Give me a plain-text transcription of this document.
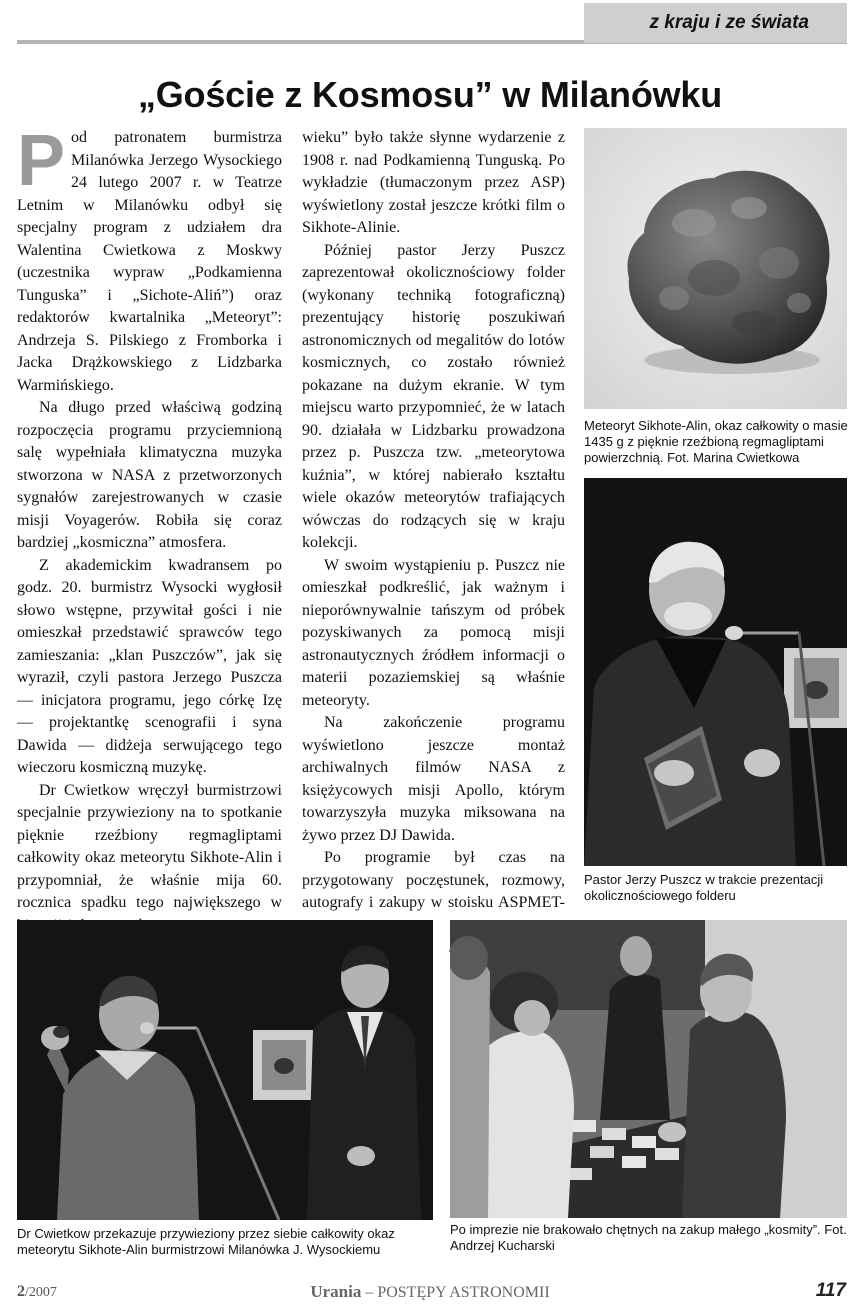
z kraju i ze świata
„Goście z Kosmosu” w Milanówku

Pod patronatem burmistrza Milanówka Jerzego Wysockiego 24 lutego 2007 r. w Teatrze Letnim w Milanówku odbył się specjalny program z udziałem dra Walentina Cwietkowa z Moskwy (uczestnika wypraw „Podkamienna Tunguska” i „Sichote-Aliń”) oraz redaktorów kwartalnika „Meteoryt”: Andrzeja S. Pilskiego z Fromborka i Jacka Drążkowskiego z Lidzbarka Warmińskiego.

Na długo przed właściwą godziną rozpoczęcia programu przyciemnioną salę wypełniała klimatyczna muzyka stworzona w NASA z przetworzonych sygnałów zarejestrowanych w czasie misji Voyagerów. Robiła się coraz bardziej „kosmiczna” atmosfera.

Z akademickim kwadransem po godz. 20. burmistrz Wysocki wygłosił słowo wstępne, przywitał gości i nie omieszkał przedstawić sprawców tego zamieszania: „klan Puszczów”, jak się wyraził, czyli pastora Jerzego Puszcza — inicjatora programu, jego córkę Izę — projektantkę scenografii i syna Dawida — didżeja serwującego tego wieczoru kosmiczną muzykę.

Dr Cwietkow wręczył burmistrzowi specjalnie przywieziony na to spotkanie pięknie rzeźbiony regmagliptami całkowity okaz meteorytu Sikhote-Alin i przypomniał, że właśnie mija 60. rocznica spadku tego największego w

wieku” było także słynne wydarzenie z 1908 r. nad Podkamienną Tunguską. Po wykładzie (tłumaczonym przez ASP) wyświetlony został jeszcze krótki film o Sikhote-Alinie.

Później pastor Jerzy Puszcz zaprezentował okolicznościowy folder (wykonany techniką fotograficzną) prezentujący historię poszukiwań astronomicznych od megalitów do lotów kosmicznych, co zostało również pokazane na dużym ekranie. W tym miejscu warto przypomnieć, że w latach 90. działała w Lidzbarku prowadzona przez p. Puszcza tzw. „meteorytowa kuźnia”, w której nabierało kształtu wiele okazów meteorytów trafiających wówczas do rodzących się w kraju kolekcji.

W swoim wystąpieniu p. Puszcz nie omieszkał podkreślić, jak ważnym i nieporównywalnie tańszym od próbek pozyskiwanych za pomocą misji astronautycznych źródłem informacji o materii pozaziemskiej są właśnie meteoryty.

Na zakończenie programu wyświetlono jeszcze montaż archiwalnych filmów NASA z księżycowych misji Apollo, którym towarzyszyła muzyka miksowana na żywo przez DJ Dawida.

Po programie był czas na przygotowany poczęstunek, rozmowy, autografy i zakupy w stoisku ASPMET-

Meteoryt Sikhote-Alin, okaz całkowity o masie 1435 g z pięknie rzeźbioną regmagliptami powierzchnią. Fot. Marina Cwietkowa
Pastor Jerzy Puszcz w trakcie prezentacji okolicznościowego folderu
Dr Cwietkow przekazuje przywieziony przez siebie całkowity okaz meteorytu Sikhote-Alin burmistrzowi Milanówka J. Wysockiemu
Po imprezie nie brakowało chętnych na zakup małego „kosmity”. Fot. Andrzej Kucharski
2/2007	Urania – POSTĘPY ASTRONOMII	117
